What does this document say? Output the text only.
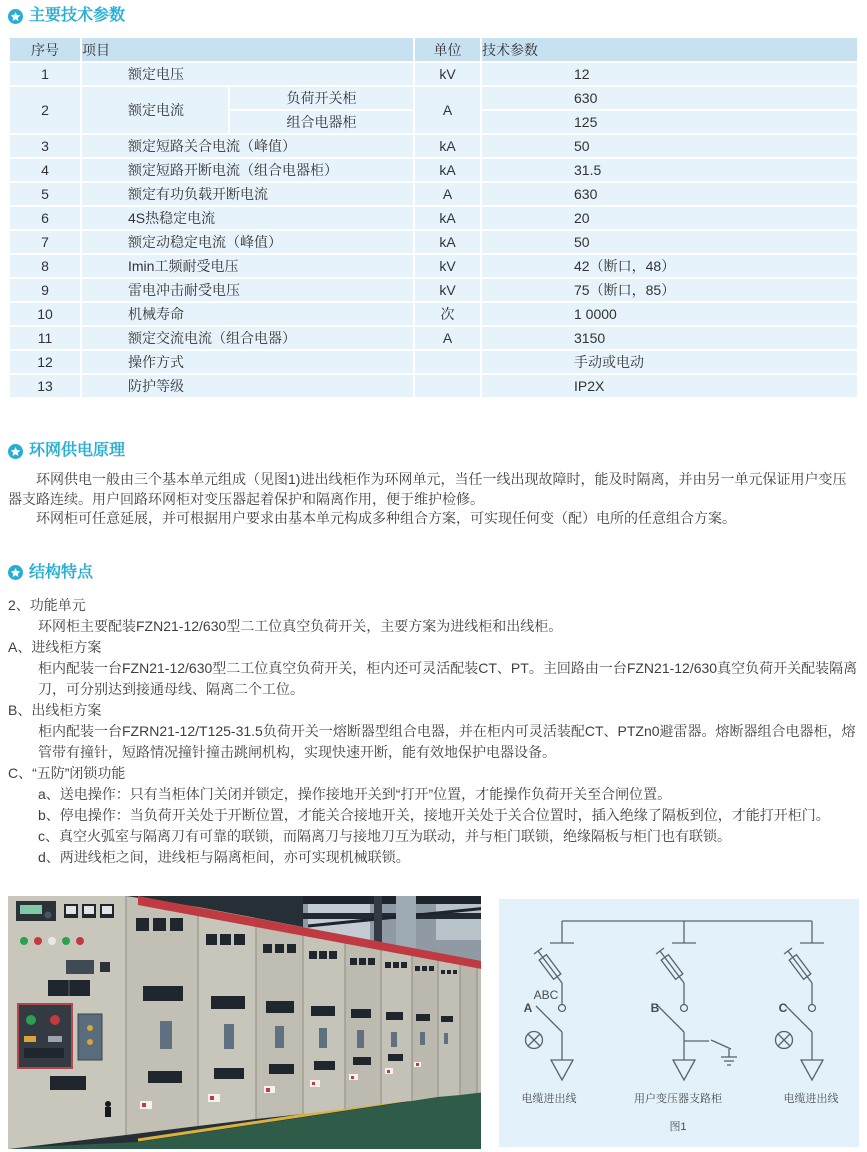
主要技术参数
序号	项目		单位	技术参数
1	额定电压		kV	12
2	额定电流	负荷开关柜	A	630
		组合电器柜		125
3	额定短路关合电流（峰值）		kA	50
4	额定短路开断电流（组合电器柜）		kA	31.5
5	额定有功负载开断电流		A	630
6	4S热稳定电流		kA	20
7	额定动稳定电流（峰值）		kA	50
8	Imin工频耐受电压		kV	42（断口，48）
9	雷电冲击耐受电压		kV	75（断口，85）
10	机械寿命		次	1 0000
11	额定交流电流（组合电器）		A	3150
12	操作方式			手动或电动
13	防护等级			IP2X
环网供电原理

环网供电一般由三个基本单元组成（见图1)进出线柜作为环网单元，当任一线出现故障时，能及时隔离，并由另一单元保证用户变压器支路连续。用户回路环网柜对变压器起着保护和隔离作用，便于维护检修。

环网柜可任意延展，并可根据用户要求由基本单元构成多种组合方案，可实现任何变（配）电所的任意组合方案。

结构特点
2、功能单元
环网柜主要配装FZN21-12/630型二工位真空负荷开关，主要方案为进线柜和出线柜。
A、进线柜方案
柜内配装一台FZN21-12/630型二工位真空负荷开关，柜内还可灵活配装CT、PT。主回路由一台FZN21-12/630真空负荷开关配装隔离刀，可分别达到接通母线、隔离二个工位。
B、出线柜方案
柜内配装一台FZRN21-12/T125-31.5负荷开关一熔断器型组合电器，并在柜内可灵活装配CT、PTZn0避雷器。熔断器组合电器柜，熔管带有撞针，短路情况撞针撞击跳闸机构，实现快速开断，能有效地保护电器设备。
C、“五防”闭锁功能
a、送电操作：只有当柜体门关闭并锁定，操作接地开关到“打开”位置，才能操作负荷开关至合闸位置。
b、停电操作：当负荷开关处于开断位置，才能关合接地开关，接地开关处于关合位置时，插入绝缘了隔板到位，才能打开柜门。
c、真空火弧室与隔离刀有可靠的联锁，而隔离刀与接地刀互为联动，并与柜门联锁，绝缘隔板与柜门也有联锁。
d、两进线柜之间，进线柜与隔离柜间，亦可实现机械联锁。
ABC
A	B	C
电缆进出线	用户变压器支路柜	电缆进出线
图1
